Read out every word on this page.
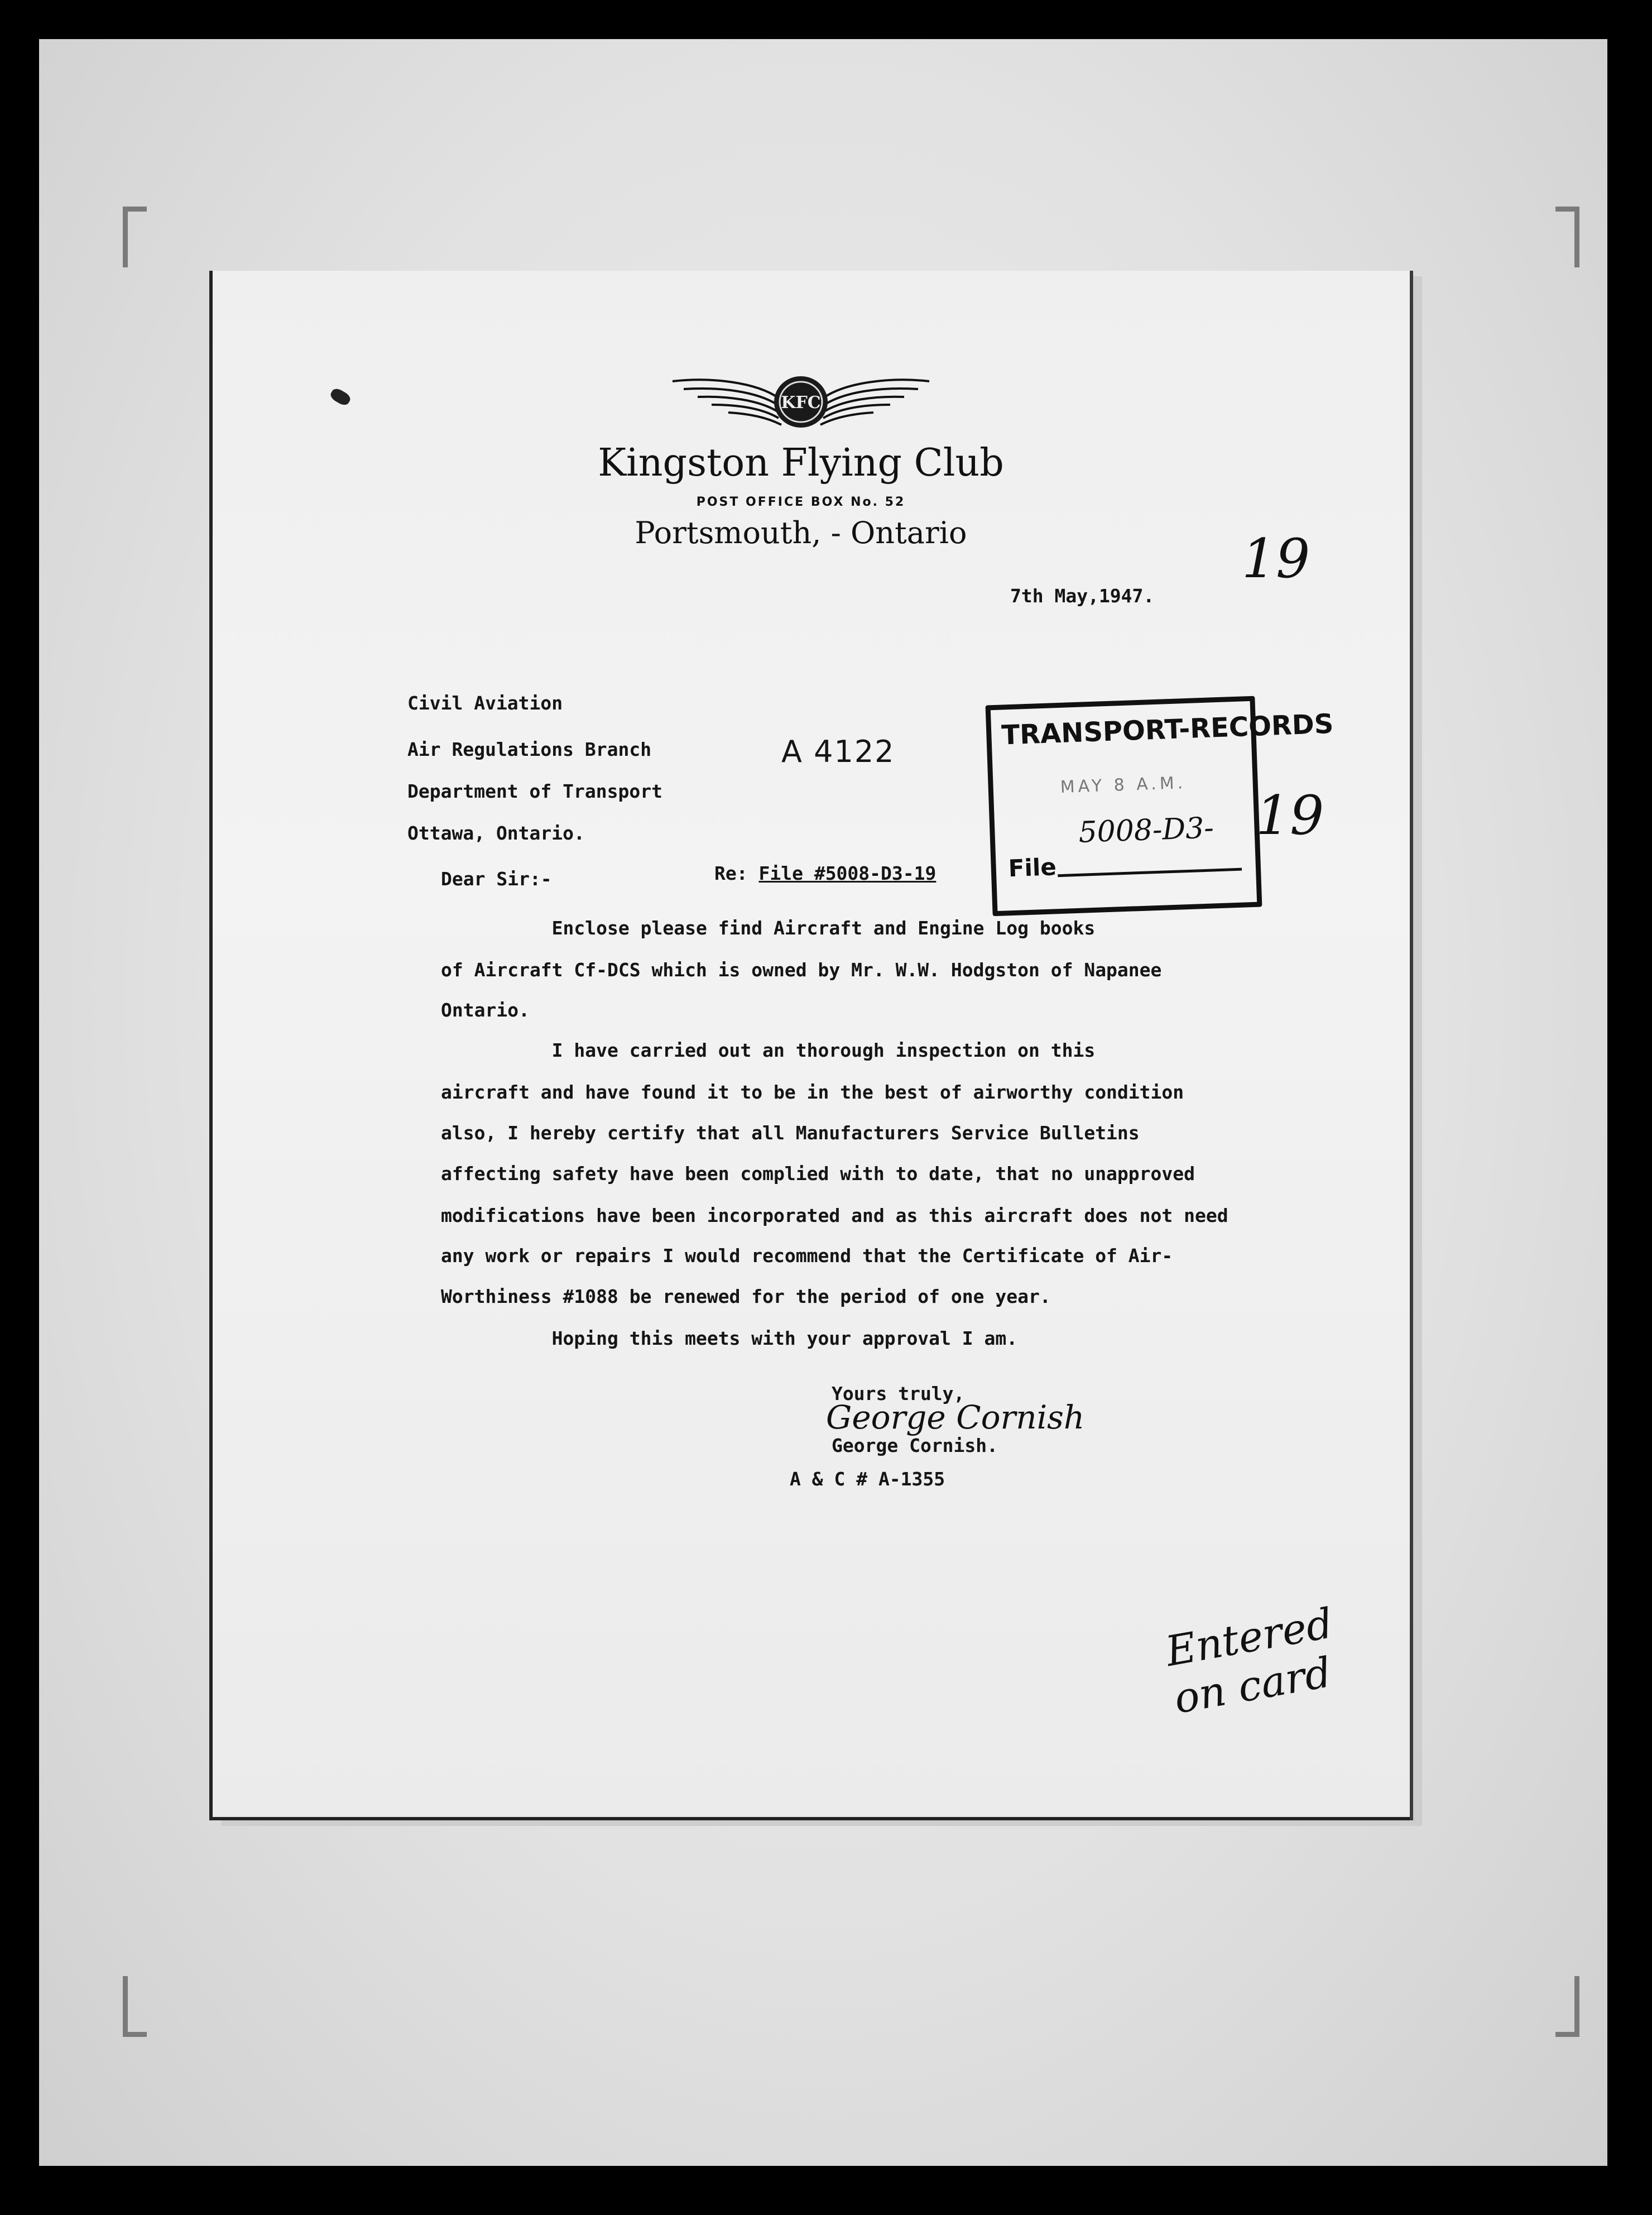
KFC
Kingston Flying Club
POST OFFICE BOX No. 52
Portsmouth, - Ontario	19
7th May,1947.
Civil Aviation
Air Regulations Branch
Department of Transport
Ottawa, Ontario.
A 4122
TRANSPORT-RECORDS
MAY 8 A.M.
5008-D3-
File
19
Dear Sir:-	Re: File #5008-D3-19
Enclose please find Aircraft and Engine Log books
of Aircraft Cf-DCS which is owned by Mr. W.W. Hodgston of Napanee
Ontario.
I have carried out an thorough inspection on this
aircraft and have found it to be in the best of airworthy condition
also, I hereby certify that all Manufacturers Service Bulletins
affecting safety have been complied with to date, that no unapproved
modifications have been incorporated and as this aircraft does not need
any work or repairs I would recommend that the Certificate of Air-
Worthiness #1088 be renewed for the period of one year.
Hoping this meets with your approval I am.
Yours truly,
George Cornish
George Cornish.
A & C # A-1355
Entered
on card
